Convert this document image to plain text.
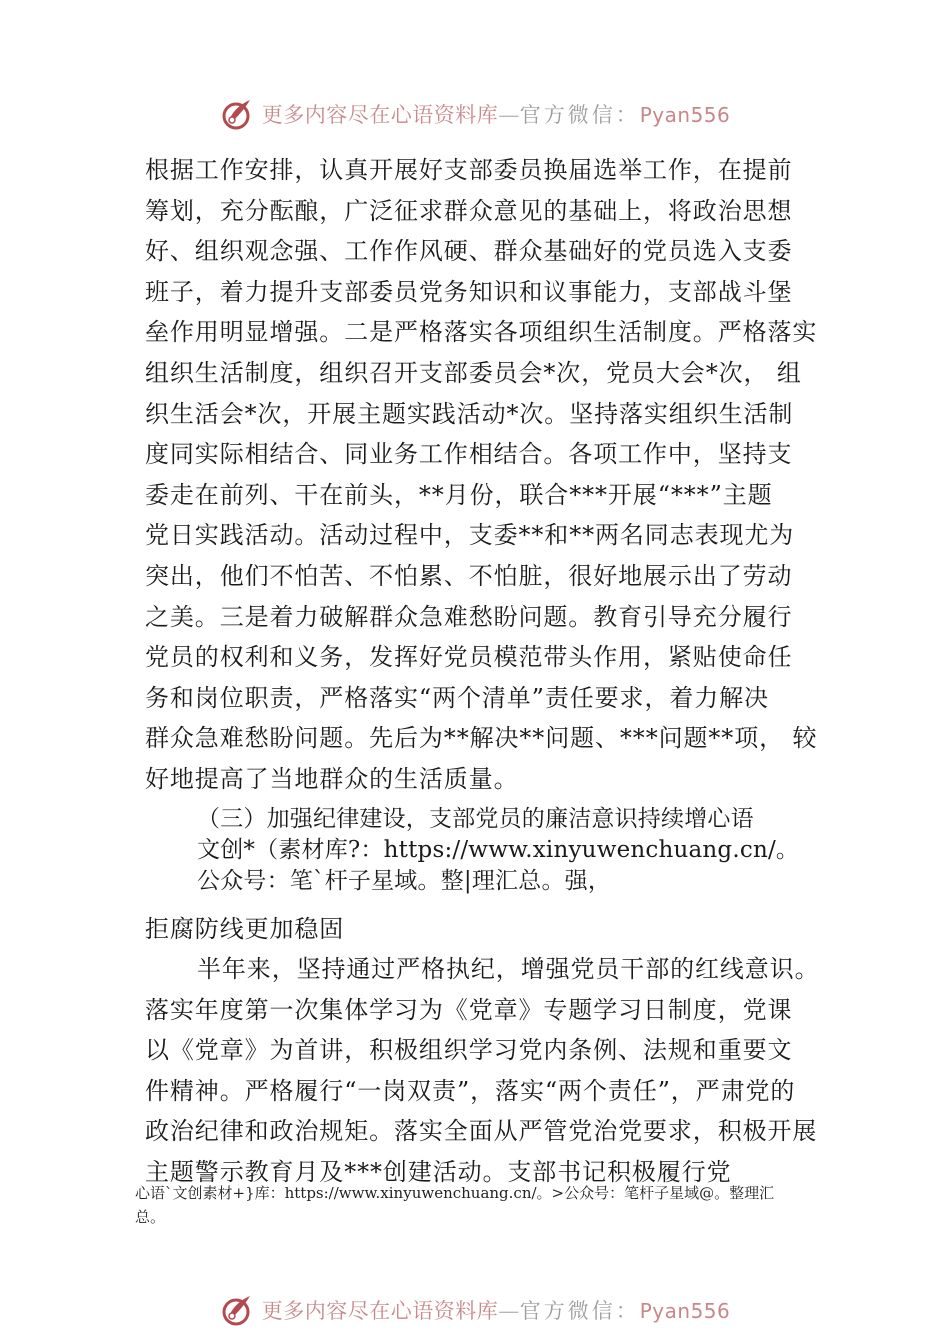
更多内容尽在心语资料库—官方微信：Pyan556
根据工作安排，认真开展好支部委员换届选举工作，在提前
筹划，充分酝酿，广泛征求群众意见的基础上，将政治思想
好、组织观念强、工作作风硬、群众基础好的党员选入支委
班子，着力提升支部委员党务知识和议事能力，支部战斗堡
垒作用明显增强。二是严格落实各项组织生活制度。严格落实
组织生活制度，组织召开支部委员会*次，党员大会*次， 组
织生活会*次，开展主题实践活动*次。坚持落实组织生活制
度同实际相结合、同业务工作相结合。各项工作中，坚持支
委走在前列、干在前头，**月份，联合***开展“***”主题
党日实践活动。活动过程中，支委**和**两名同志表现尤为
突出，他们不怕苦、不怕累、不怕脏，很好地展示出了劳动
之美。三是着力破解群众急难愁盼问题。教育引导充分履行
党员的权利和义务，发挥好党员模范带头作用，紧贴使命任
务和岗位职责，严格落实“两个清单”责任要求，着力解决
群众急难愁盼问题。先后为**解决**问题、***问题**项， 较
好地提高了当地群众的生活质量。
（三）加强纪律建设，支部党员的廉洁意识持续增心语
文创*（素材库?：https://www.xinyuwenchuang.cn/。
公众号：笔`杆子星域。整|理汇总。强，
拒腐防线更加稳固
半年来，坚持通过严格执纪，增强党员干部的红线意识。
落实年度第一次集体学习为《党章》专题学习日制度，党课
以《党章》为首讲，积极组织学习党内条例、法规和重要文
件精神。严格履行“一岗双责”，落实“两个责任”，严肃党的
政治纪律和政治规矩。落实全面从严管党治党要求，积极开展
主题警示教育月及***创建活动。支部书记积极履行党
心语`文创素材+}库：https://www.xinyuwenchuang.cn/。>公众号：笔杆子星域@。整理汇
总。
更多内容尽在心语资料库—官方微信：Pyan556
